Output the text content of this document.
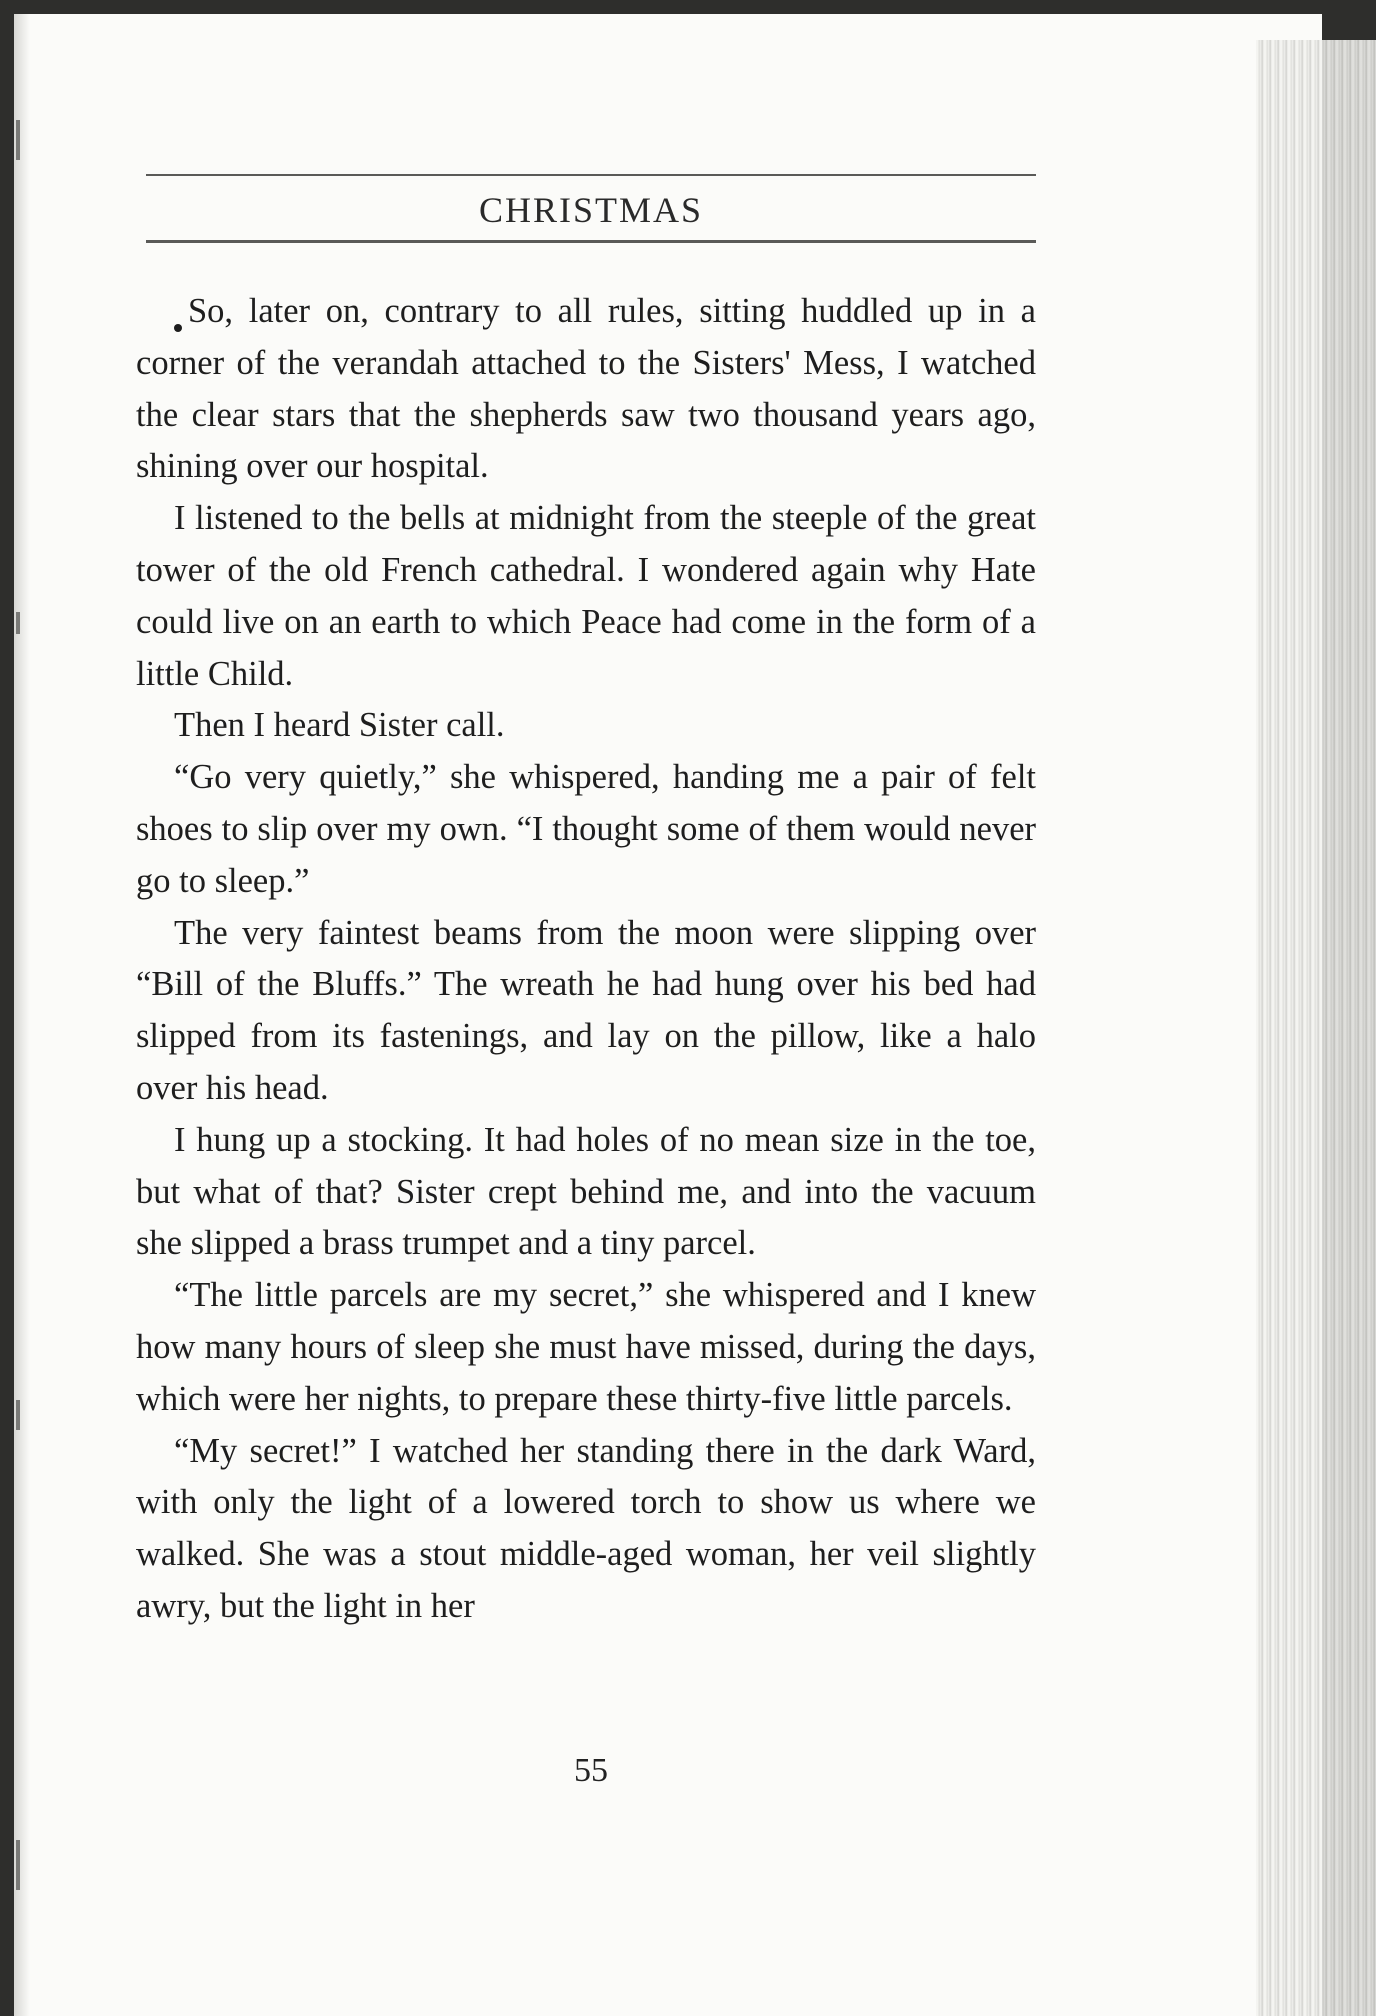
CHRISTMAS

So, later on, contrary to all rules, sitting huddled up in a corner of the verandah attached to the Sisters' Mess, I watched the clear stars that the shepherds saw two thousand years ago, shining over our hospital.

I listened to the bells at midnight from the steeple of the great tower of the old French cathedral. I wondered again why Hate could live on an earth to which Peace had come in the form of a little Child.

Then I heard Sister call.

“Go very quietly,” she whispered, handing me a pair of felt shoes to slip over my own. “I thought some of them would never go to sleep.”

The very faintest beams from the moon were slipping over “Bill of the Bluffs.” The wreath he had hung over his bed had slipped from its fastenings, and lay on the pillow, like a halo over his head.

I hung up a stocking. It had holes of no mean size in the toe, but what of that? Sister crept behind me, and into the vacuum she slipped a brass trumpet and a tiny parcel.

“The little parcels are my secret,” she whispered and I knew how many hours of sleep she must have missed, during the days, which were her nights, to prepare these thirty-five little parcels.

“My secret!” I watched her standing there in the dark Ward, with only the light of a lowered torch to show us where we walked. She was a stout middle-aged woman, her veil slightly awry, but the light in her

55
